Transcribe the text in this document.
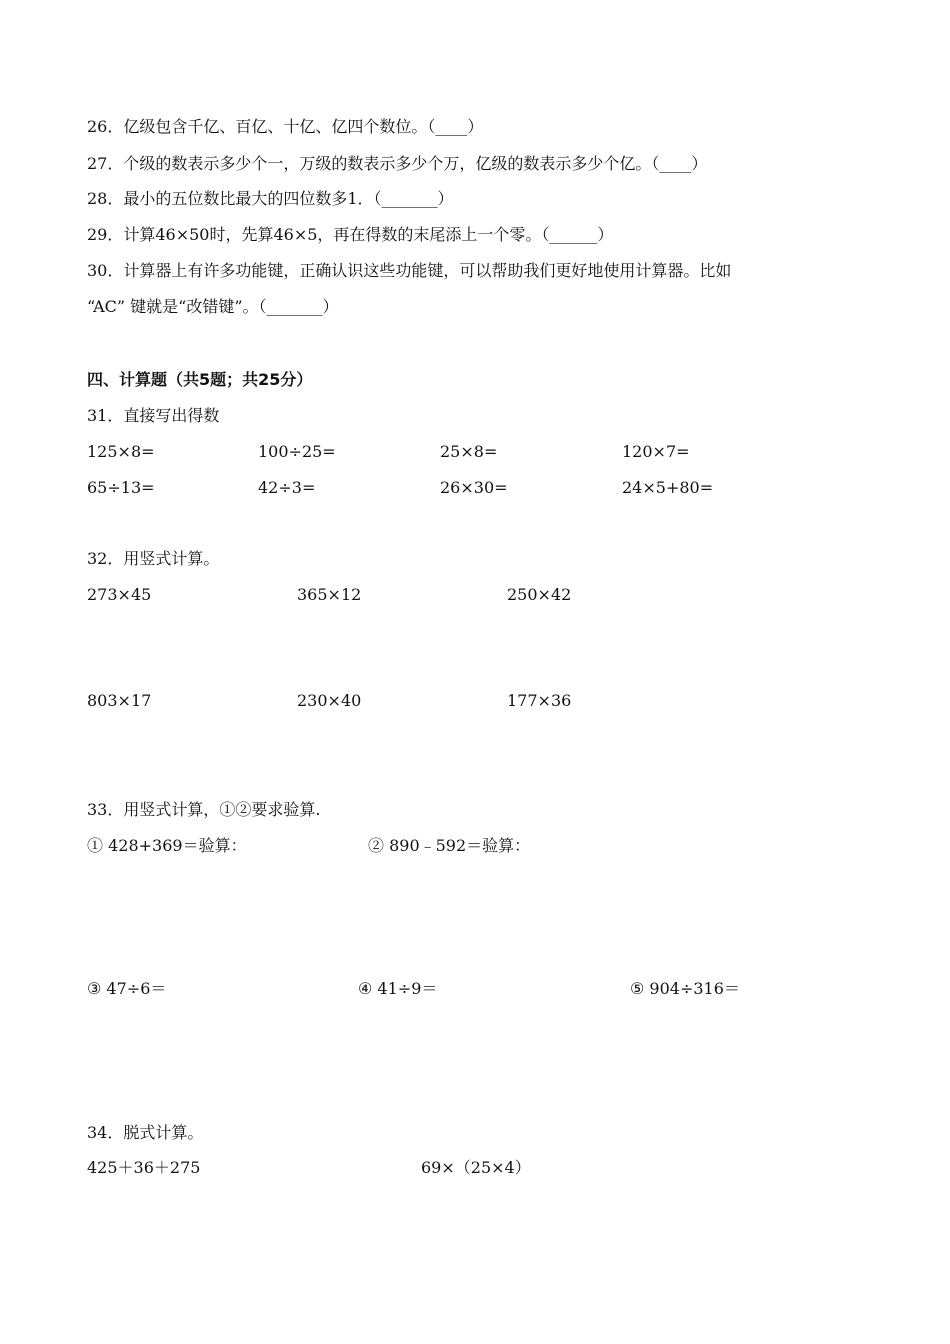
26．亿级包含千亿、百亿、十亿、亿四个数位。（____）
27．个级的数表示多少个一，万级的数表示多少个万，亿级的数表示多少个亿。（____）
28．最小的五位数比最大的四位数多1．（_______）
29．计算46×50时，先算46×5，再在得数的末尾添上一个零。（______）
30．计算器上有许多功能键，正确认识这些功能键，可以帮助我们更好地使用计算器。比如
“AC” 键就是“改错键”。（_______）
四、计算题（共5题；共25分）
31．直接写出得数
125×8=	100÷25=	25×8=	120×7=
65÷13=	42÷3=	26×30=	24×5+80=
32．用竖式计算。
273×45	365×12	250×42
803×17	230×40	177×36
33．用竖式计算，①②要求验算.
① 428+369＝验算：	② 890﹣592＝验算：
③ 47÷6＝	④ 41÷9＝	⑤ 904÷316＝
34．脱式计算。
425＋36＋275	69×（25×4）
